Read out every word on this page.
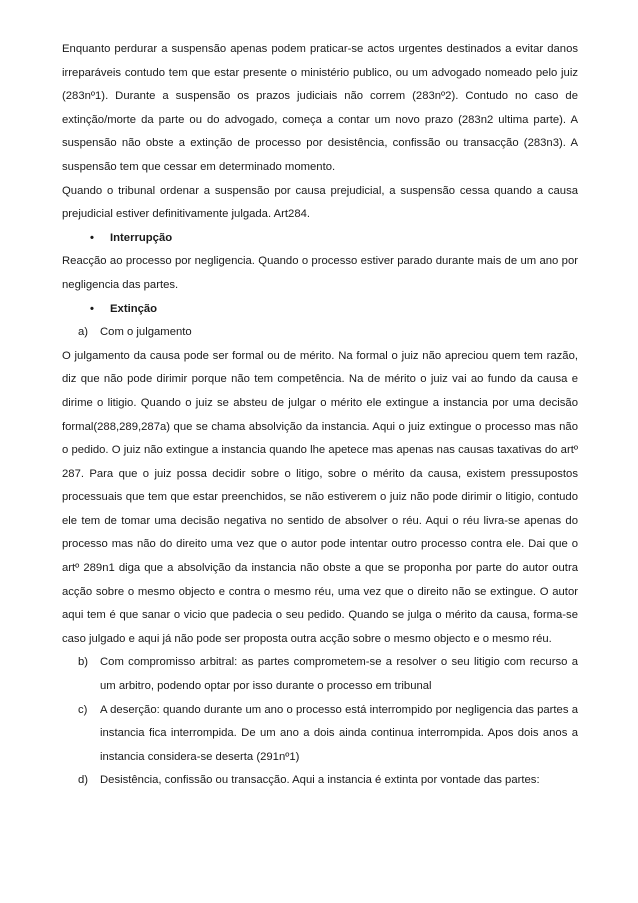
Enquanto perdurar a suspensão apenas podem praticar-se actos urgentes destinados a evitar danos irreparáveis contudo tem que estar presente o ministério publico, ou um advogado nomeado pelo juiz (283nº1). Durante a suspensão os prazos judiciais não correm (283nº2). Contudo no caso de extinção/morte da parte ou do advogado, começa a contar um novo prazo (283n2 ultima parte). A suspensão não obste a extinção de processo por desistência, confissão ou transacção (283n3). A suspensão tem que cessar em determinado momento.

Quando o tribunal ordenar a suspensão por causa prejudicial, a suspensão cessa quando a causa prejudicial estiver definitivamente julgada. Art284.

•	Interrupção

Reacção ao processo por negligencia. Quando o processo estiver parado durante mais de um ano por negligencia das partes.

•	Extinção
a)	Com o julgamento

O julgamento da causa pode ser formal ou de mérito. Na formal o juiz não apreciou quem tem razão, diz que não pode dirimir porque não tem competência. Na de mérito o juiz vai ao fundo da causa e dirime o litigio. Quando o juiz se absteu de julgar o mérito ele extingue a instancia por uma decisão formal(288,289,287a) que se chama absolvição da instancia. Aqui o juiz extingue o processo mas não o pedido. O juiz não extingue a instancia quando lhe apetece mas apenas nas causas taxativas do artº 287. Para que o juiz possa decidir sobre o litigo, sobre o mérito da causa, existem pressupostos processuais que tem que estar preenchidos, se não estiverem o juiz não pode dirimir o litigio, contudo ele tem de tomar uma decisão negativa no sentido de absolver o réu. Aqui o réu livra-se apenas do processo mas não do direito uma vez que o autor pode intentar outro processo contra ele. Dai que o artº 289n1 diga que a absolvição da instancia não obste a que se proponha por parte do autor outra acção sobre o mesmo objecto e contra o mesmo réu, uma vez que o direito não se extingue. O autor aqui tem é que sanar o vicio que padecia o seu pedido. Quando se julga o mérito da causa, forma-se caso julgado e aqui já não pode ser proposta outra acção sobre o mesmo objecto e o mesmo réu.

b)	Com compromisso arbitral: as partes comprometem-se a resolver o seu litigio com recurso a um arbitro, podendo optar por isso durante o processo em tribunal
c)	A deserção: quando durante um ano o processo está interrompido por negligencia das partes a instancia fica interrompida. De um ano a dois ainda continua interrompida. Apos dois anos a instancia considera-se deserta (291nº1)
d)	Desistência, confissão ou transacção. Aqui a instancia é extinta por vontade das partes:
